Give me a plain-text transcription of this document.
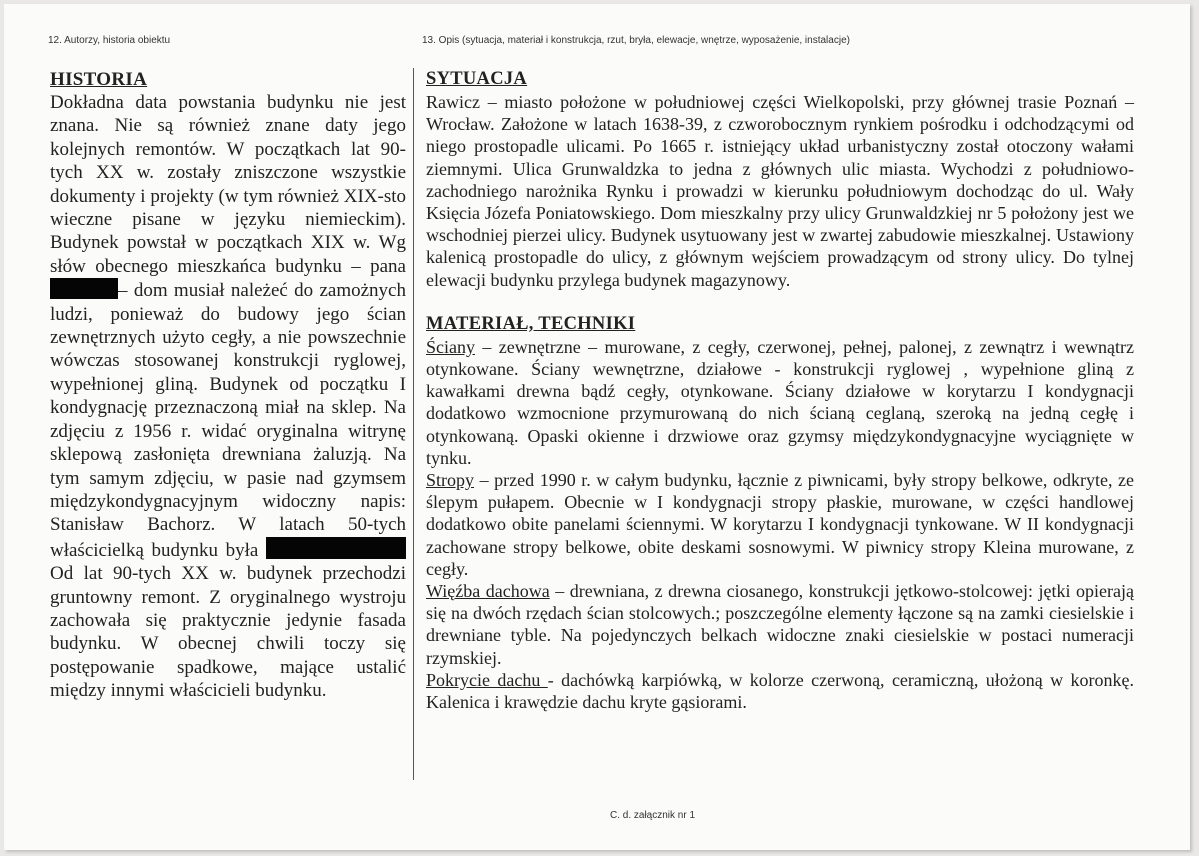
12. Autorzy, historia obiektu	13. Opis (sytuacja, materiał i konstrukcja, rzut, bryła, elewacje, wnętrze, wyposażenie, instalacje)
HISTORIA

Dokładna data powstania budynku nie jest znana. Nie są również znane daty jego kolejnych remontów. W początkach lat 90-tych XX w. zostały zniszczone wszystkie dokumenty i projekty (w tym również XIX-sto wieczne pisane w języku niemieckim). Budynek powstał w początkach XIX w. Wg słów obecnego mieszkańca budynku – pana – dom musiał należeć do zamożnych ludzi, ponieważ do budowy jego ścian zewnętrznych użyto cegły, a nie powszechnie wówczas stosowanej konstrukcji ryglowej, wypełnionej gliną. Budynek od początku I kondygnację przeznaczoną miał na sklep. Na zdjęciu z 1956 r. widać oryginalna witrynę sklepową zasłonięta drewniana żaluzją. Na tym samym zdjęciu, w pasie nad gzymsem międzykondygnacyjnym widoczny napis: Stanisław Bachorz. W latach 50-tych właścicielką budynku była  Od lat 90-tych XX w. budynek przechodzi gruntowny remont. Z oryginalnego wystroju zachowała się praktycznie jedynie fasada budynku. W obecnej chwili toczy się postępowanie spadkowe, mające ustalić między innymi właścicieli budynku.

SYTUACJA

Rawicz – miasto położone w południowej części Wielkopolski, przy głównej trasie Poznań – Wrocław. Założone w latach 1638-39, z czworobocznym rynkiem pośrodku i odchodzącymi od niego prostopadle ulicami. Po 1665 r. istniejący układ urbanistyczny został otoczony wałami ziemnymi. Ulica Grunwaldzka to jedna z głównych ulic miasta. Wychodzi z południowo-zachodniego narożnika Rynku i prowadzi w kierunku południowym dochodząc do ul. Wały Księcia Józefa Poniatowskiego. Dom mieszkalny przy ulicy Grunwaldzkiej nr 5 położony jest we wschodniej pierzei ulicy. Budynek usytuowany jest w zwartej zabudowie mieszkalnej. Ustawiony kalenicą prostopadle do ulicy, z głównym wejściem prowadzącym od strony ulicy. Do tylnej elewacji budynku przylega budynek magazynowy.

MATERIAŁ, TECHNIKI

Ściany – zewnętrzne – murowane, z cegły, czerwonej, pełnej, palonej, z zewnątrz i wewnątrz otynkowane. Ściany wewnętrzne, działowe - konstrukcji ryglowej , wypełnione gliną z kawałkami drewna bądź cegły, otynkowane. Ściany działowe w korytarzu I kondygnacji dodatkowo wzmocnione przymurowaną do nich ścianą ceglaną, szeroką na jedną cegłę i otynkowaną. Opaski okienne i drzwiowe oraz gzymsy międzykondygnacyjne wyciągnięte w tynku.

Stropy – przed 1990 r. w całym budynku, łącznie z piwnicami, były stropy belkowe, odkryte, ze ślepym pułapem. Obecnie w I kondygnacji stropy płaskie, murowane, w części handlowej dodatkowo obite panelami ściennymi. W korytarzu I kondygnacji tynkowane. W II kondygnacji zachowane stropy belkowe, obite deskami sosnowymi. W piwnicy stropy Kleina murowane, z cegły.

Więźba dachowa – drewniana, z drewna ciosanego, konstrukcji jętkowo-stolcowej: jętki opierają się na dwóch rzędach ścian stolcowych.; poszczególne elementy łączone są na zamki ciesielskie i drewniane tyble. Na pojedynczych belkach widoczne znaki ciesielskie w postaci numeracji rzymskiej.

Pokrycie dachu - dachówką karpiówką, w kolorze czerwoną, ceramiczną, ułożoną w koronkę. Kalenica i krawędzie dachu kryte gąsiorami.

C. d. załącznik nr 1
